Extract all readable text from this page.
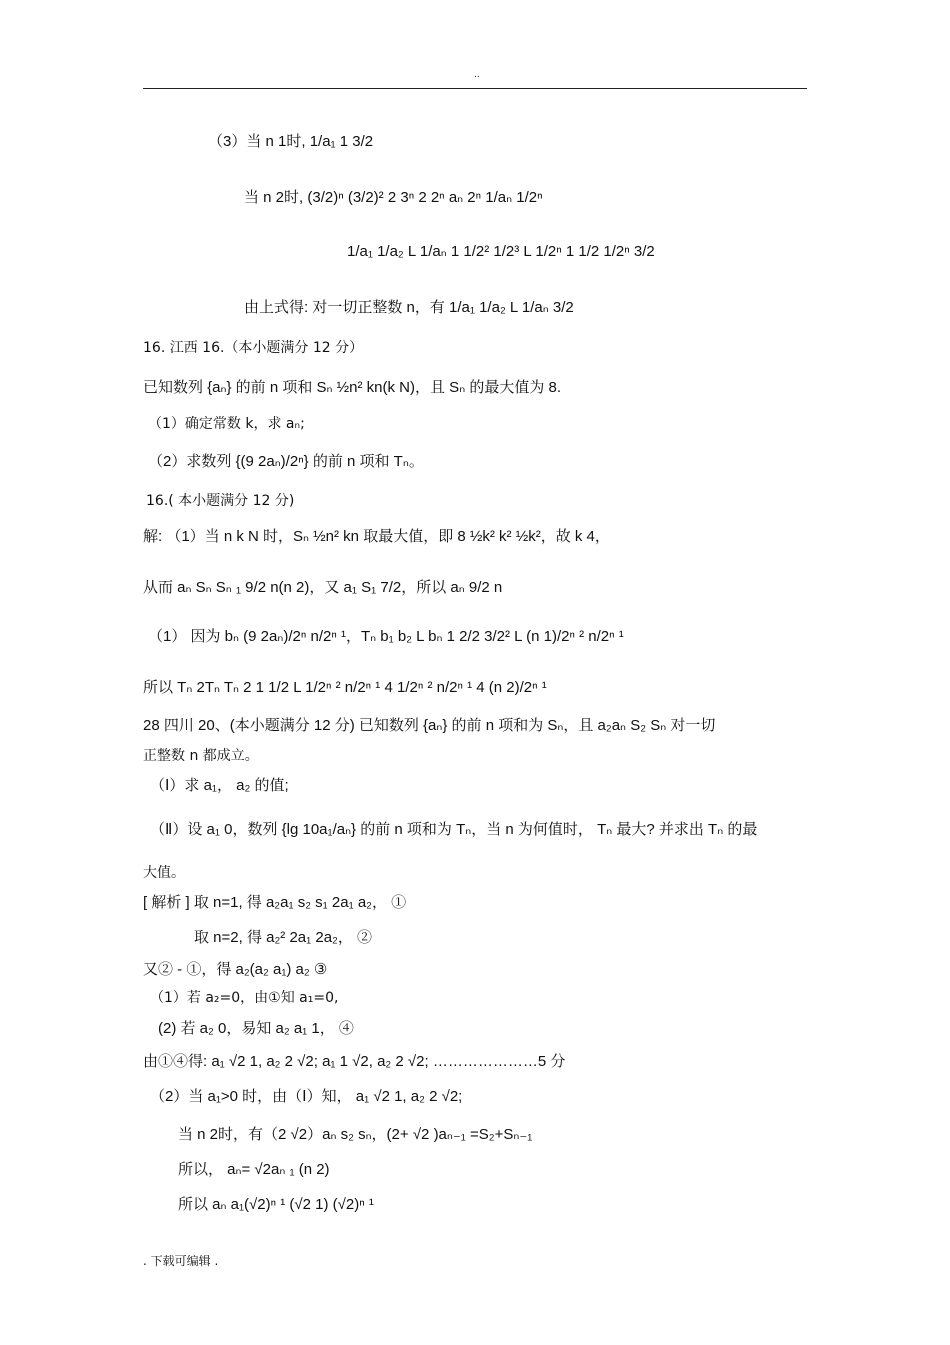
..
（3）当 n 1时, 1/a₁ 1 3/2
当 n 2时, (3/2)ⁿ (3/2)² 2 3ⁿ 2 2ⁿ aₙ 2ⁿ 1/aₙ 1/2ⁿ
1/a₁ 1/a₂ L 1/aₙ 1 1/2² 1/2³ L 1/2ⁿ 1 1/2 1/2ⁿ 3/2
由上式得: 对一切正整数 n，有 1/a₁ 1/a₂ L 1/aₙ 3/2
16. 江西 16.（本小题满分 12 分）
已知数列 {aₙ} 的前 n 项和 Sₙ ½n² kn(k N)，且 Sₙ 的最大值为 8.
（1）确定常数 k，求 aₙ;
（2）求数列 {(9 2aₙ)/2ⁿ} 的前 n 项和 Tₙ。
16.( 本小题满分 12 分)
解: （1）当 n k N 时，Sₙ ½n² kn 取最大值，即 8 ½k² k² ½k²，故 k 4，
从而 aₙ Sₙ Sₙ ₁ 9/2 n(n 2)，又 a₁ S₁ 7/2，所以 aₙ 9/2 n
（1） 因为 bₙ (9 2aₙ)/2ⁿ n/2ⁿ ¹，Tₙ b₁ b₂ L bₙ 1 2/2 3/2² L (n 1)/2ⁿ ² n/2ⁿ ¹
所以 Tₙ 2Tₙ Tₙ 2 1 1/2 L 1/2ⁿ ² n/2ⁿ ¹ 4 1/2ⁿ ² n/2ⁿ ¹ 4 (n 2)/2ⁿ ¹
28 四川 20、(本小题满分 12 分) 已知数列 {aₙ} 的前 n 项和为 Sₙ，且 a₂aₙ S₂ Sₙ 对一切
正整数 n 都成立。
（Ⅰ）求 a₁， a₂ 的值;
（Ⅱ）设 a₁ 0，数列 {lg 10a₁/aₙ} 的前 n 项和为 Tₙ，当 n 为何值时， Tₙ 最大? 并求出 Tₙ 的最
大值。
[ 解析 ] 取 n=1, 得 a₂a₁ s₂ s₁ 2a₁ a₂， ①
取 n=2, 得 a₂² 2a₁ 2a₂， ②
又② - ①，得 a₂(a₂ a₁) a₂ ③
（1）若 a₂=0，由①知 a₁=0,
(2) 若 a₂ 0，易知 a₂ a₁ 1， ④
由①④得: a₁ √2 1, a₂ 2 √2; a₁ 1 √2, a₂ 2 √2; …………………5 分
（2）当 a₁>0 时，由（Ⅰ）知， a₁ √2 1, a₂ 2 √2;
当 n 2时，有（2 √2）aₙ s₂ sₙ，(2+ √2 )aₙ₋₁ =S₂+Sₙ₋₁
所以， aₙ= √2aₙ ₁ (n 2)
所以 aₙ a₁(√2)ⁿ ¹ (√2 1) (√2)ⁿ ¹
. 下载可编辑 .
